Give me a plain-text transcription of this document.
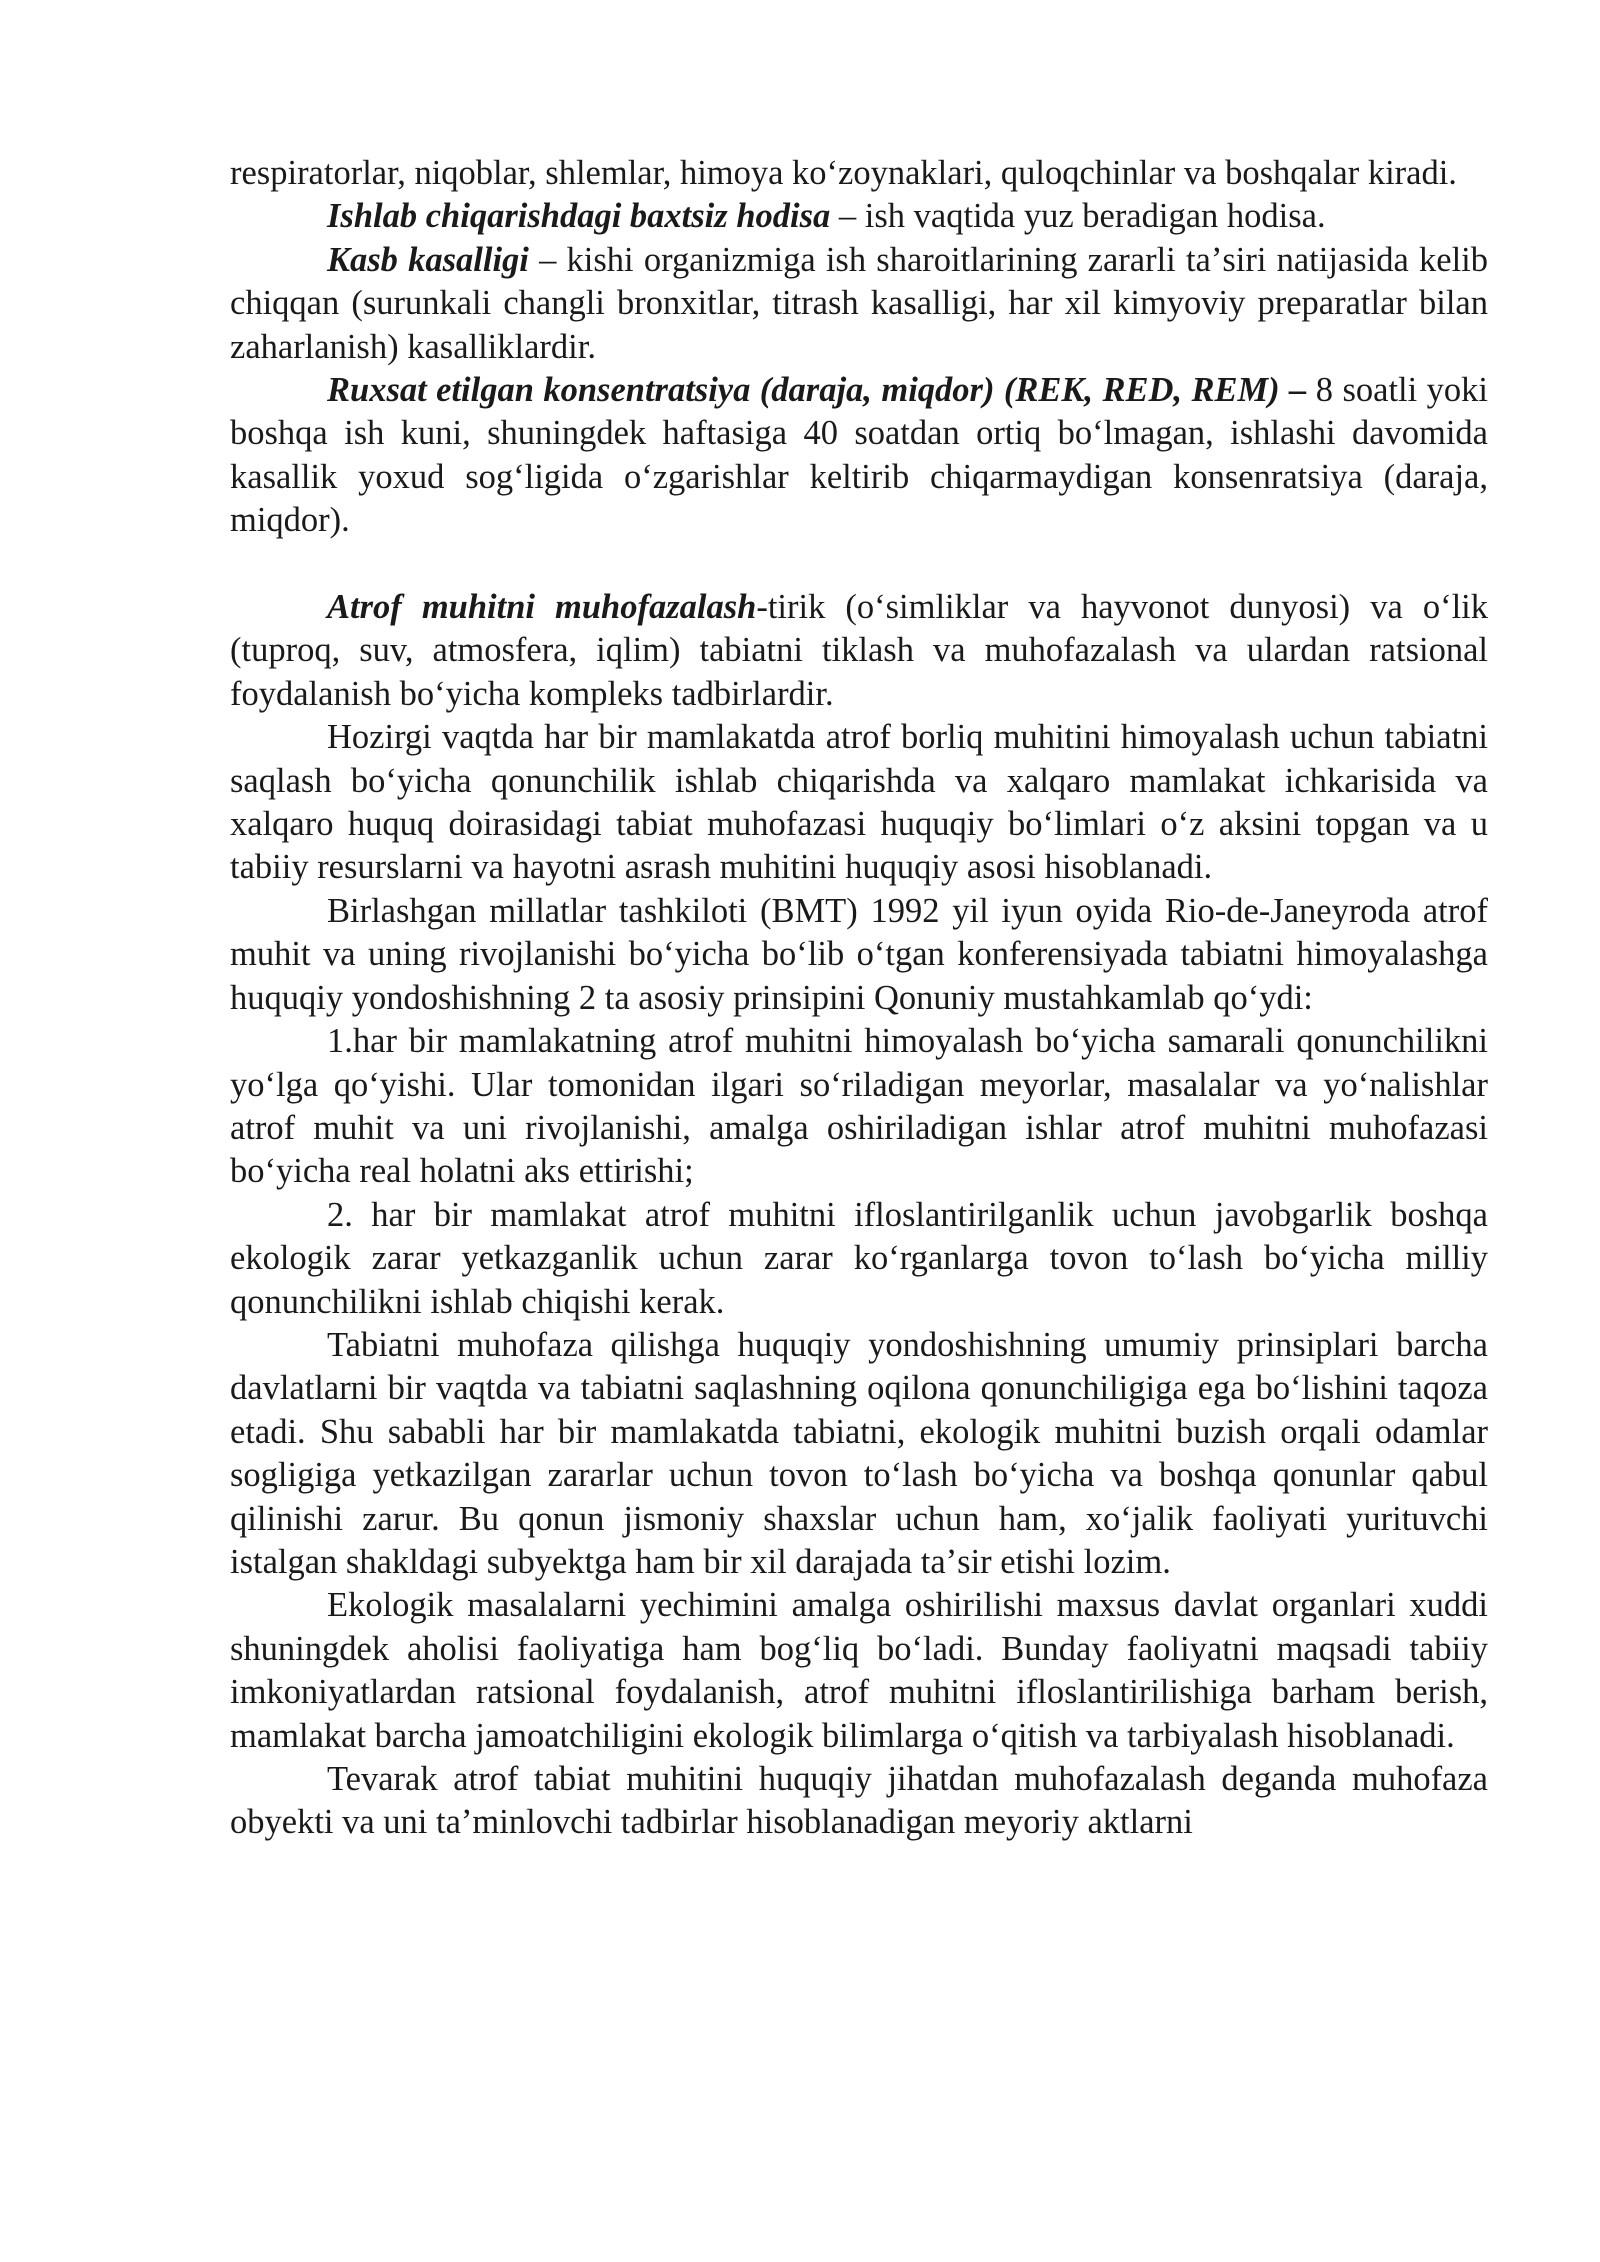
respiratorlar, niqoblar, shlemlar, himoya koʻzoynaklari, quloqchinlar va boshqalar kiradi.

Ishlab chiqarishdagi baxtsiz hodisa – ish vaqtida yuz beradigan hodisa.

Kasb kasalligi – kishi organizmiga ish sharoitlarining zararli taʼsiri natijasida kelib chiqqan (surunkali changli bronxitlar, titrash kasalligi, har xil kimyoviy preparatlar bilan zaharlanish) kasalliklardir.

Ruxsat etilgan konsentratsiya (daraja, miqdor) (REK, RED, REM) – 8 soatli yoki boshqa ish kuni, shuningdek haftasiga 40 soatdan ortiq boʻlmagan, ishlashi davomida kasallik yoxud sogʻligida oʻzgarishlar keltirib chiqarmaydigan konsenratsiya (daraja, miqdor).

Atrof muhitni muhofazalash-tirik (oʻsimliklar va hayvonot dunyosi) va oʻlik (tuproq, suv, atmosfera, iqlim) tabiatni tiklash va muhofazalash va ulardan ratsional foydalanish boʻyicha kompleks tadbirlardir.

Hozirgi vaqtda har bir mamlakatda atrof borliq muhitini himoyalash uchun tabiatni saqlash boʻyicha qonunchilik ishlab chiqarishda va xalqaro mamlakat ichkarisida va xalqaro huquq doirasidagi tabiat muhofazasi huquqiy boʻlimlari oʻz aksini topgan va u tabiiy resurslarni va hayotni asrash muhitini huquqiy asosi hisoblanadi.

Birlashgan millatlar tashkiloti (BMT) 1992 yil iyun oyida Rio-de-Janeyroda atrof muhit va uning rivojlanishi boʻyicha boʻlib oʻtgan konferensiyada tabiatni himoyalashga huquqiy yondoshishning 2 ta asosiy prinsipini Qonuniy mustahkamlab qoʻydi:

1.har bir mamlakatning atrof muhitni himoyalash boʻyicha samarali qonunchilikni yoʻlga qoʻyishi. Ular tomonidan ilgari soʻriladigan meyorlar, masalalar va yoʻnalishlar atrof muhit va uni rivojlanishi, amalga oshiriladigan ishlar atrof muhitni muhofazasi boʻyicha real holatni aks ettirishi;

2. har bir mamlakat atrof muhitni ifloslantirilganlik uchun javobgarlik boshqa ekologik zarar yetkazganlik uchun zarar koʻrganlarga tovon toʻlash boʻyicha milliy qonunchilikni ishlab chiqishi kerak.

Tabiatni muhofaza qilishga huquqiy yondoshishning umumiy prinsiplari barcha davlatlarni bir vaqtda va tabiatni saqlashning oqilona qonunchiligiga ega boʻlishini taqoza etadi. Shu sababli har bir mamlakatda tabiatni, ekologik muhitni buzish orqali odamlar sogligiga yetkazilgan zararlar uchun tovon toʻlash boʻyicha va boshqa qonunlar qabul qilinishi zarur. Bu qonun jismoniy shaxslar uchun ham, xoʻjalik faoliyati yurituvchi istalgan shakldagi subyektga ham bir xil darajada taʼsir etishi lozim.

Ekologik masalalarni yechimini amalga oshirilishi maxsus davlat organlari xuddi shuningdek aholisi faoliyatiga ham bogʻliq boʻladi. Bunday faoliyatni maqsadi tabiiy imkoniyatlardan ratsional foydalanish, atrof muhitni ifloslantirilishiga barham berish, mamlakat barcha jamoatchiligini ekologik bilimlarga oʻqitish va tarbiyalash hisoblanadi.

Tevarak atrof tabiat muhitini huquqiy jihatdan muhofazalash deganda muhofaza obyekti va uni taʼminlovchi tadbirlar hisoblanadigan meyoriy aktlarni
